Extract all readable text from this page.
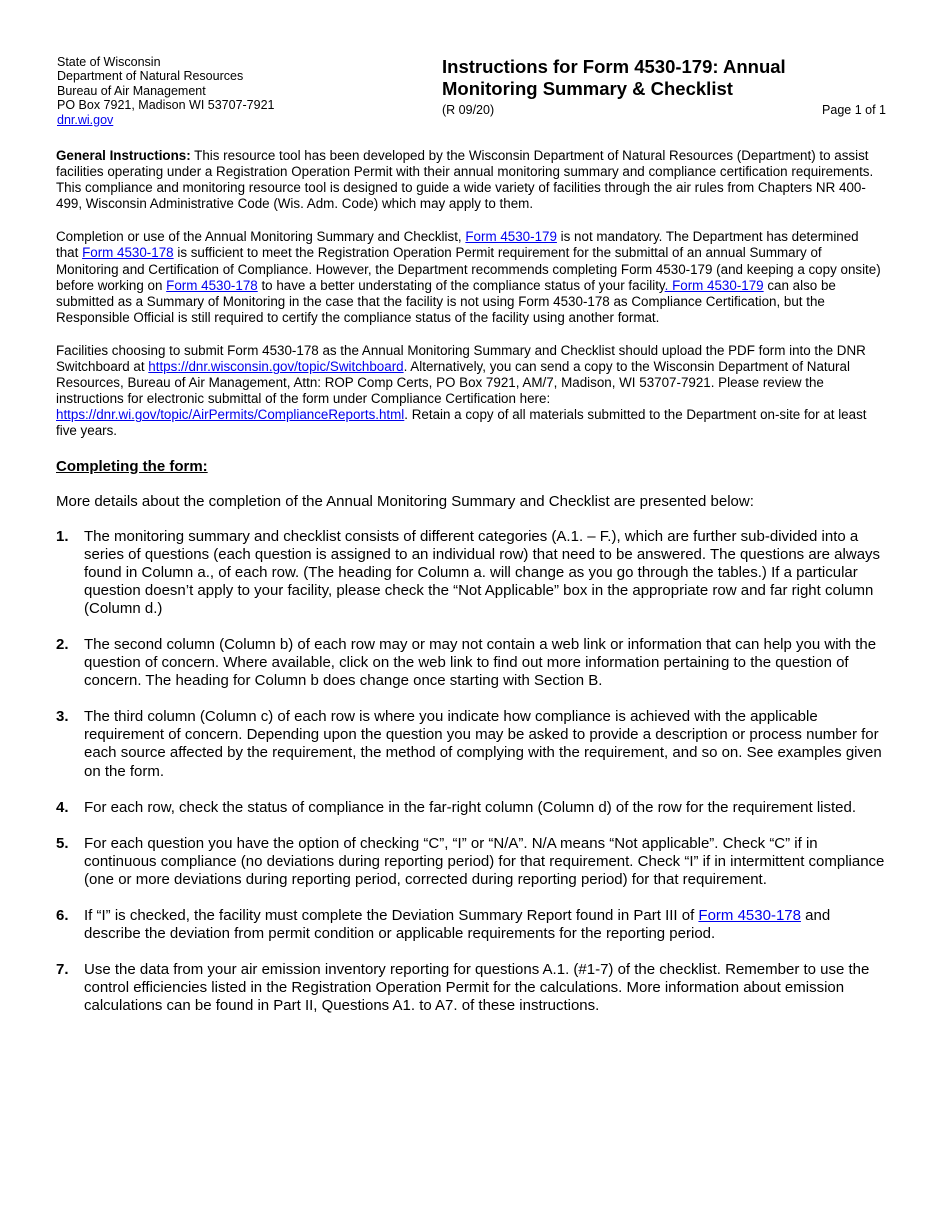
State of Wisconsin
Department of Natural Resources
Bureau of Air Management
PO Box 7921, Madison WI 53707-7921
dnr.wi.gov
Instructions for Form 4530-179: Annual Monitoring Summary & Checklist
(R 09/20)	Page 1 of 1

General Instructions: This resource tool has been developed by the Wisconsin Department of Natural Resources (Department) to assist facilities operating under a Registration Operation Permit with their annual monitoring summary and compliance certification requirements. This compliance and monitoring resource tool is designed to guide a wide variety of facilities through the air rules from Chapters NR 400-499, Wisconsin Administrative Code (Wis. Adm. Code) which may apply to them.

Completion or use of the Annual Monitoring Summary and Checklist, Form 4530-179 is not mandatory. The Department has determined that Form 4530-178 is sufficient to meet the Registration Operation Permit requirement for the submittal of an annual Summary of Monitoring and Certification of Compliance. However, the Department recommends completing Form 4530-179 (and keeping a copy onsite) before working on Form 4530-178 to have a better understating of the compliance status of your facility. Form 4530-179 can also be submitted as a Summary of Monitoring in the case that the facility is not using Form 4530-178 as Compliance Certification, but the Responsible Official is still required to certify the compliance status of the facility using another format.

Facilities choosing to submit Form 4530-178 as the Annual Monitoring Summary and Checklist should upload the PDF form into the DNR Switchboard at https://dnr.wisconsin.gov/topic/Switchboard. Alternatively, you can send a copy to the Wisconsin Department of Natural Resources, Bureau of Air Management, Attn: ROP Comp Certs, PO Box 7921, AM/7, Madison, WI 53707-7921. Please review the instructions for electronic submittal of the form under Compliance Certification here: https://dnr.wi.gov/topic/AirPermits/ComplianceReports.html. Retain a copy of all materials submitted to the Department on-site for at least five years.

Completing the form:
More details about the completion of the Annual Monitoring Summary and Checklist are presented below:
1. The monitoring summary and checklist consists of different categories (A.1. – F.), which are further sub-divided into a series of questions (each question is assigned to an individual row) that need to be answered. The questions are always found in Column a., of each row. (The heading for Column a. will change as you go through the tables.) If a particular question doesn’t apply to your facility, please check the “Not Applicable” box in the appropriate row and far right column (Column d.)
2. The second column (Column b) of each row may or may not contain a web link or information that can help you with the question of concern. Where available, click on the web link to find out more information pertaining to the question of concern. The heading for Column b does change once starting with Section B.
3. The third column (Column c) of each row is where you indicate how compliance is achieved with the applicable requirement of concern. Depending upon the question you may be asked to provide a description or process number for each source affected by the requirement, the method of complying with the requirement, and so on. See examples given on the form.
4. For each row, check the status of compliance in the far-right column (Column d) of the row for the requirement listed.
5. For each question you have the option of checking “C”, “I” or “N/A”. N/A means “Not applicable”. Check “C” if in continuous compliance (no deviations during reporting period) for that requirement. Check “I” if in intermittent compliance (one or more deviations during reporting period, corrected during reporting period) for that requirement.
6. If “I” is checked, the facility must complete the Deviation Summary Report found in Part III of Form 4530-178 and describe the deviation from permit condition or applicable requirements for the reporting period.
7. Use the data from your air emission inventory reporting for questions A.1. (#1-7) of the checklist. Remember to use the control efficiencies listed in the Registration Operation Permit for the calculations. More information about emission calculations can be found in Part II, Questions A1. to A7. of these instructions.
